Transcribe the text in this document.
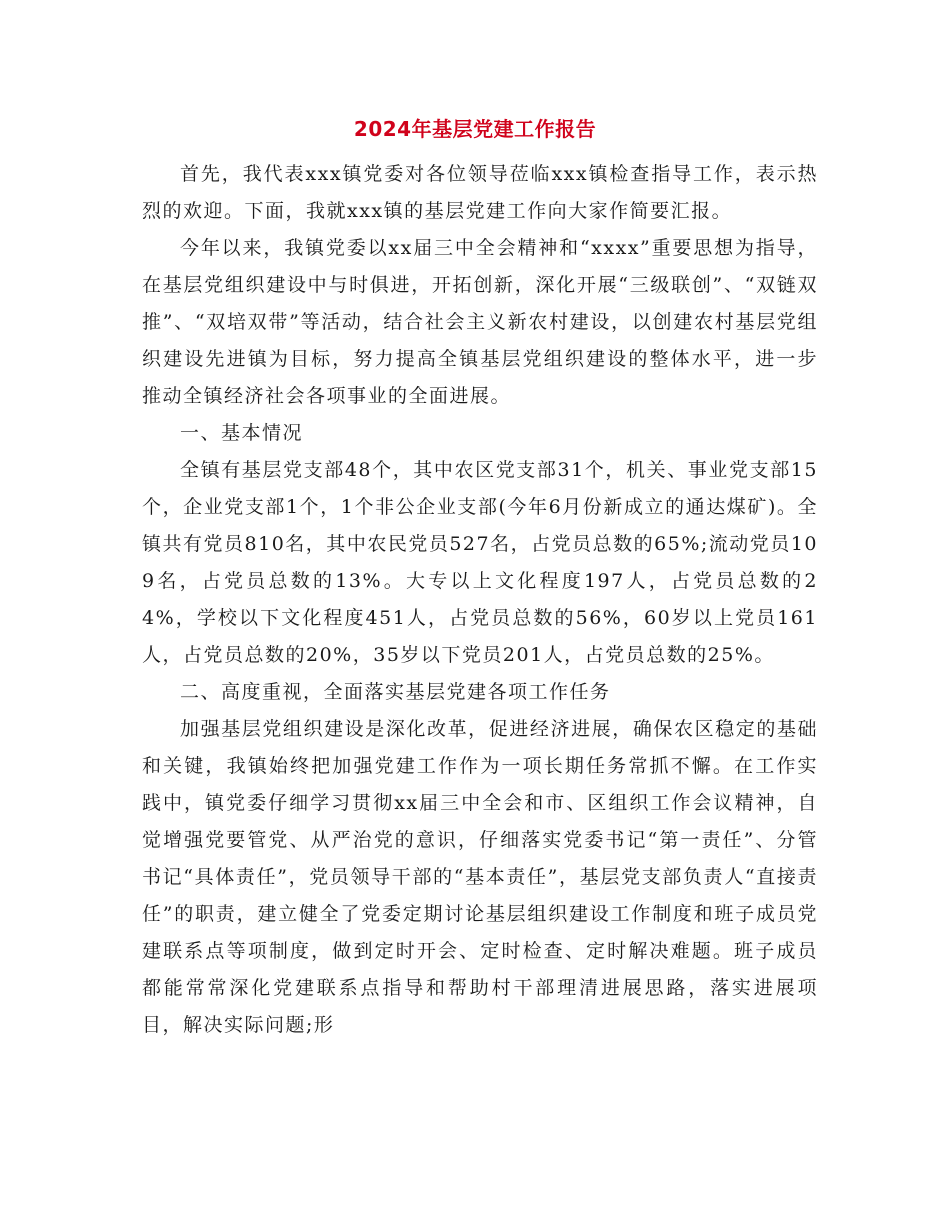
2024年基层党建工作报告

首先，我代表xxx镇党委对各位领导莅临xxx镇检查指导工作，表示热烈的欢迎。下面，我就xxx镇的基层党建工作向大家作简要汇报。

今年以来，我镇党委以xx届三中全会精神和“xxxx”重要思想为指导，在基层党组织建设中与时俱进，开拓创新，深化开展“三级联创”、“双链双推”、“双培双带”等活动，结合社会主义新农村建设，以创建农村基层党组织建设先进镇为目标，努力提高全镇基层党组织建设的整体水平，进一步推动全镇经济社会各项事业的全面进展。

一、基本情况

全镇有基层党支部48个，其中农区党支部31个，机关、事业党支部15个，企业党支部1个，1个非公企业支部(今年6月份新成立的通达煤矿)。全镇共有党员810名，其中农民党员527名，占党员总数的65%;流动党员109名，占党员总数的13%。大专以上文化程度197人，占党员总数的24%，学校以下文化程度451人，占党员总数的56%，60岁以上党员161人，占党员总数的20%，35岁以下党员201人，占党员总数的25%。

二、高度重视，全面落实基层党建各项工作任务

加强基层党组织建设是深化改革，促进经济进展，确保农区稳定的基础和关键，我镇始终把加强党建工作作为一项长期任务常抓不懈。在工作实践中，镇党委仔细学习贯彻xx届三中全会和市、区组织工作会议精神，自觉增强党要管党、从严治党的意识，仔细落实党委书记“第一责任”、分管书记“具体责任”，党员领导干部的“基本责任”，基层党支部负责人“直接责任”的职责，建立健全了党委定期讨论基层组织建设工作制度和班子成员党建联系点等项制度，做到定时开会、定时检查、定时解决难题。班子成员都能常常深化党建联系点指导和帮助村干部理清进展思路，落实进展项目，解决实际问题;形
